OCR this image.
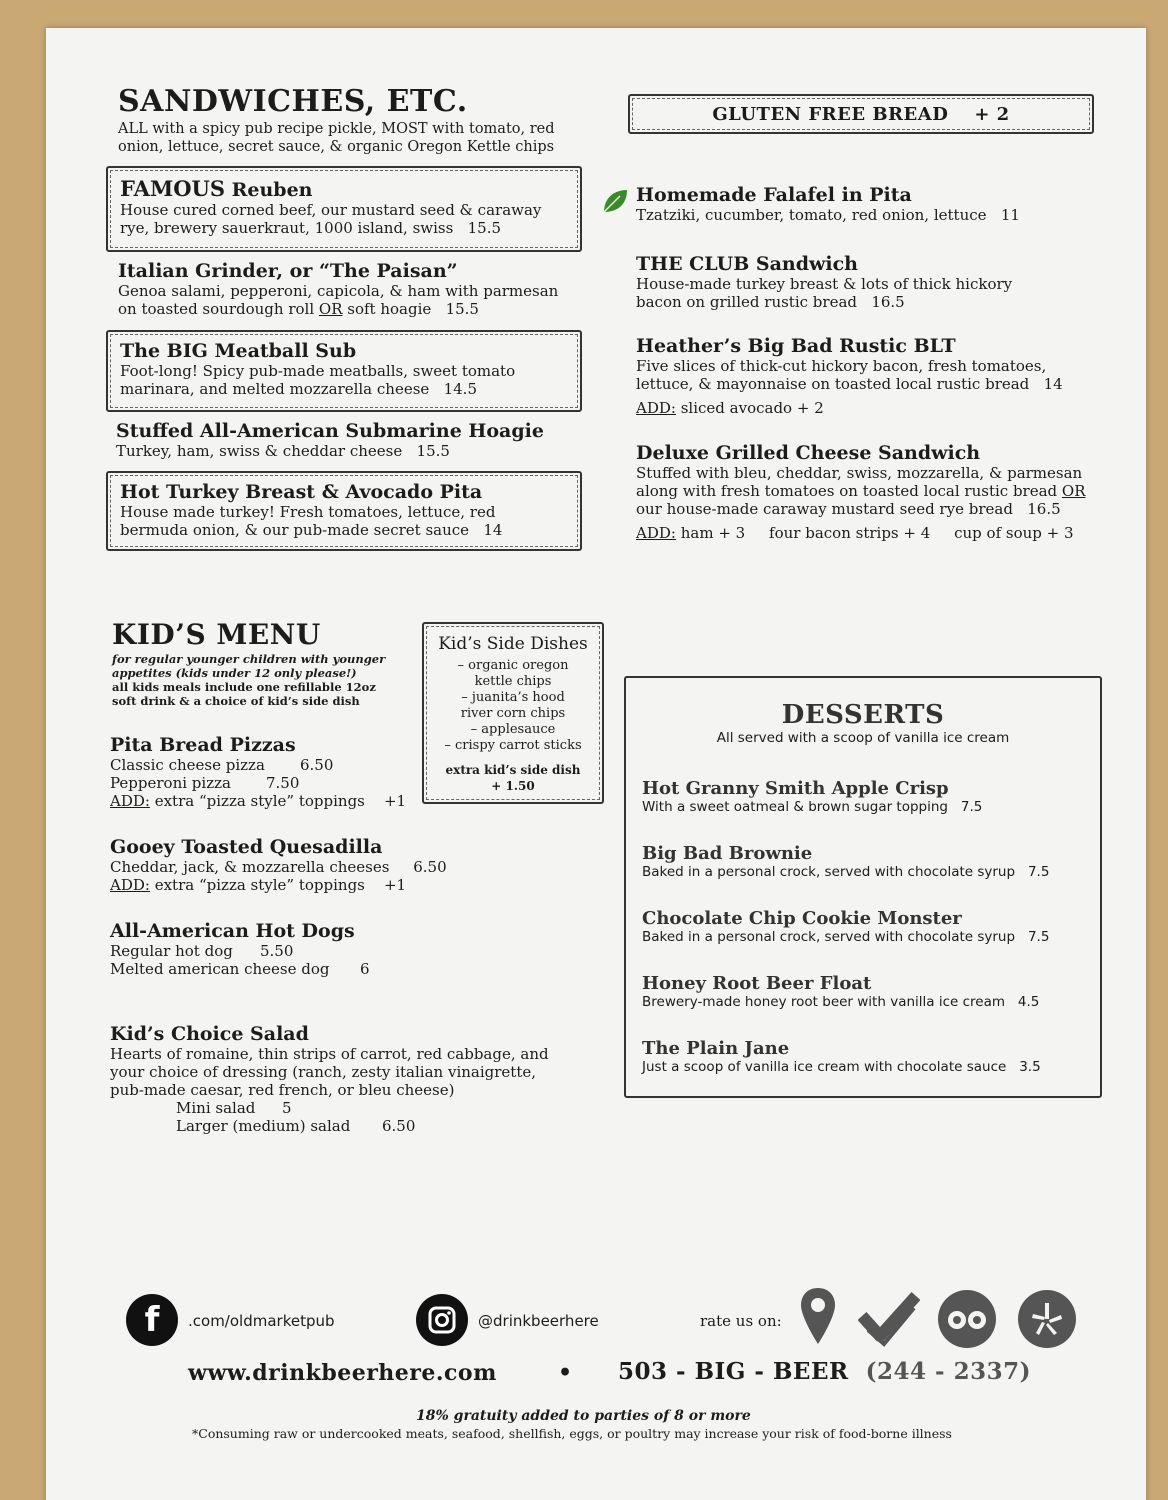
SANDWICHES, ETC.
ALL with a spicy pub recipe pickle, MOST with tomato, red
onion, lettuce, secret sauce, & organic Oregon Kettle chips
FAMOUS Reuben
House cured corned beef, our mustard seed & caraway
rye, brewery sauerkraut, 1000 island, swiss 15.5
Italian Grinder, or “The Paisan”
Genoa salami, pepperoni, capicola, & ham with parmesan
on toasted sourdough roll OR soft hoagie 15.5
The BIG Meatball Sub
Foot-long! Spicy pub-made meatballs, sweet tomato
marinara, and melted mozzarella cheese 14.5
Stuffed All-American Submarine Hoagie
Turkey, ham, swiss & cheddar cheese 15.5
Hot Turkey Breast & Avocado Pita
House made turkey! Fresh tomatoes, lettuce, red
bermuda onion, & our pub-made secret sauce 14
GLUTEN FREE BREAD + 2
Homemade Falafel in Pita
Tzatziki, cucumber, tomato, red onion, lettuce 11
THE CLUB Sandwich
House-made turkey breast & lots of thick hickory
bacon on grilled rustic bread 16.5
Heather’s Big Bad Rustic BLT
Five slices of thick-cut hickory bacon, fresh tomatoes,
lettuce, & mayonnaise on toasted local rustic bread 14
ADD: sliced avocado + 2
Deluxe Grilled Cheese Sandwich
Stuffed with bleu, cheddar, swiss, mozzarella, & parmesan
along with fresh tomatoes on toasted local rustic bread OR
our house-made caraway mustard seed rye bread 16.5
ADD: ham + 3     four bacon strips + 4     cup of soup + 3
KID’S MENU
for regular younger children with younger
appetites (kids under 12 only please!)
all kids meals include one refillable 12oz
soft drink & a choice of kid’s side dish
Kid’s Side Dishes
– organic oregon
kettle chips
– juanita’s hood
river corn chips
– applesauce
– crispy carrot sticks
extra kid’s side dish
+ 1.50
Pita Bread Pizzas
Classic cheese pizza	6.50
Pepperoni pizza	7.50
ADD: extra “pizza style” toppings +1
Gooey Toasted Quesadilla
Cheddar, jack, & mozzarella cheeses 6.50
ADD: extra “pizza style” toppings +1
All-American Hot Dogs
Regular hot dog	5.50
Melted american cheese dog	6
Kid’s Choice Salad
Hearts of romaine, thin strips of carrot, red cabbage, and
your choice of dressing (ranch, zesty italian vinaigrette,
pub-made caesar, red french, or bleu cheese)
Mini salad	5
Larger (medium) salad	6.50
DESSERTS
All served with a scoop of vanilla ice cream
Hot Granny Smith Apple Crisp
With a sweet oatmeal & brown sugar topping 7.5
Big Bad Brownie
Baked in a personal crock, served with chocolate syrup 7.5
Chocolate Chip Cookie Monster
Baked in a personal crock, served with chocolate syrup 7.5
Honey Root Beer Float
Brewery-made honey root beer with vanilla ice cream 4.5
The Plain Jane
Just a scoop of vanilla ice cream with chocolate sauce 3.5
f .com/oldmarketpub	@drinkbeerhere	rate us on:
www.drinkbeerhere.com	• 503 - BIG - BEER (244 - 2337)
18% gratuity added to parties of 8 or more
*Consuming raw or undercooked meats, seafood, shellfish, eggs, or poultry may increase your risk of food-borne illness
